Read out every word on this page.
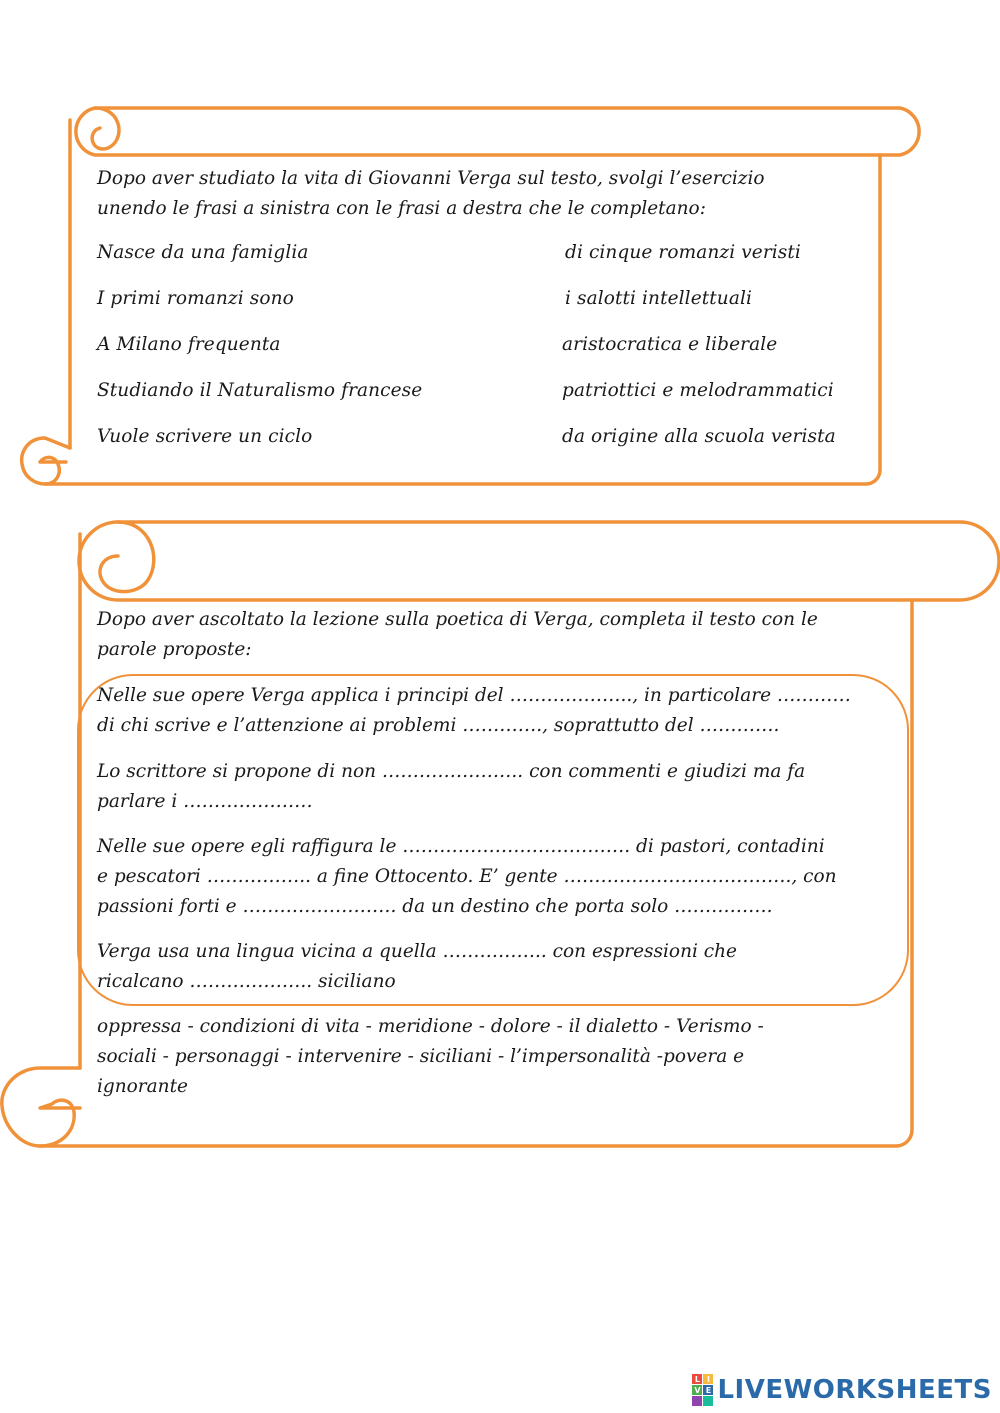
Dopo aver studiato la vita di Giovanni Verga sul testo, svolgi l’esercizio
unendo le frasi a sinistra con le frasi a destra che le completano:
Nasce da una famiglia
I primi romanzi sono
A Milano frequenta
Studiando il Naturalismo francese
Vuole scrivere un ciclo
di cinque romanzi veristi
i salotti intellettuali
aristocratica e liberale
patriottici e melodrammatici
da origine alla scuola verista
Dopo aver ascoltato la lezione sulla poetica di Verga, completa il testo con le
parole proposte:
Nelle sue opere Verga applica i principi del ……………….., in particolare …………
di chi scrive e l’attenzione ai problemi …………., soprattutto del ………….
Lo scrittore si propone di non ………………….. con commenti e giudizi ma fa
parlare i …………………
Nelle sue opere egli raffigura le ………………………………. di pastori, contadini
e pescatori …………….. a fine Ottocento. E’ gente ………………………………., con
passioni forti e ……………………. da un destino che porta solo …………….
Verga usa una lingua vicina a quella …………….. con espressioni che
ricalcano ……………….. siciliano
oppressa - condizioni di vita - meridione - dolore - il dialetto - Verismo -
sociali - personaggi - intervenire - siciliani - l’impersonalità -povera e
ignorante
L I
V E LIVEWORKSHEETS
